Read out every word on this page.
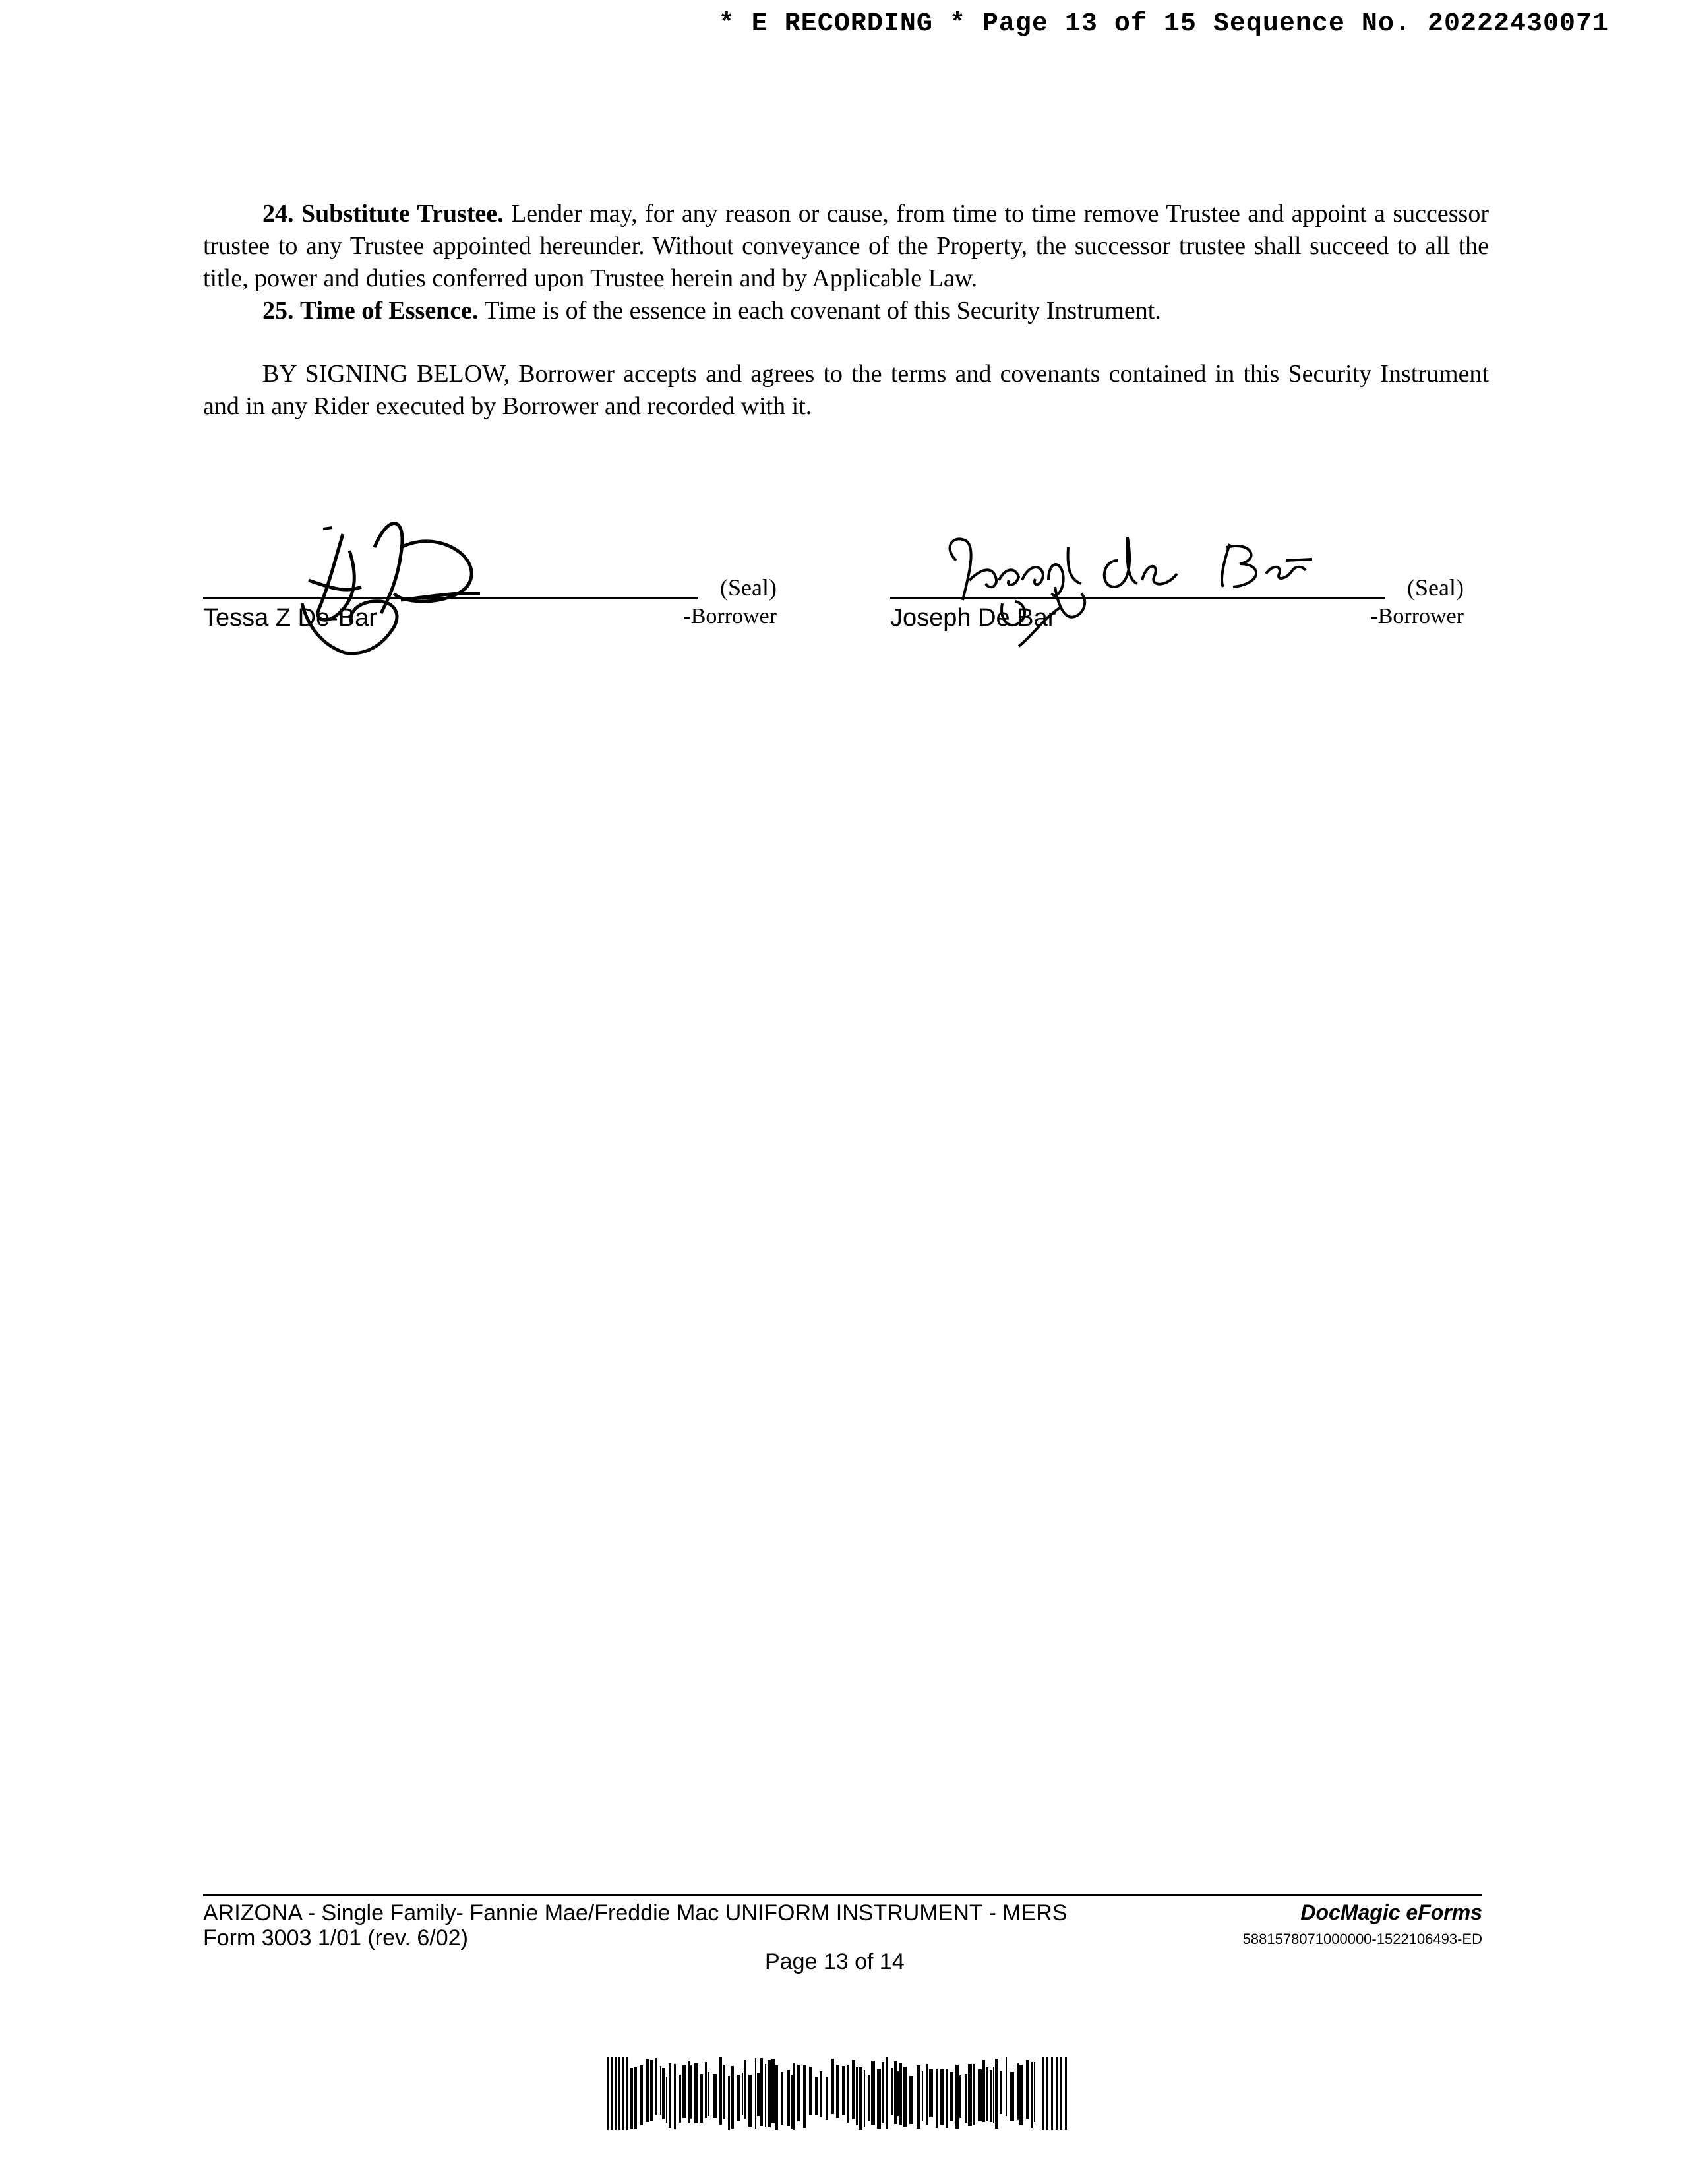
* E RECORDING * Page 13 of 15 Sequence No. 20222430071
24. Substitute Trustee. Lender may, for any reason or cause, from time to time remove Trustee and appoint a successor trustee to any Trustee appointed hereunder. Without conveyance of the Property, the successor trustee shall succeed to all the title, power and duties conferred upon Trustee herein and by Applicable Law.
25. Time of Essence. Time is of the essence in each covenant of this Security Instrument.
BY SIGNING BELOW, Borrower accepts and agrees to the terms and covenants contained in this Security Instrument and in any Rider executed by Borrower and recorded with it.
(Seal)
Tessa Z De-Bar	-Borrower
(Seal)
Joseph De Bar	-Borrower
ARIZONA - Single Family- Fannie Mae/Freddie Mac UNIFORM INSTRUMENT - MERS
Form 3003 1/01 (rev. 6/02)
Page 13 of 14
DocMagic eForms
5881578071000000-1522106493-ED
